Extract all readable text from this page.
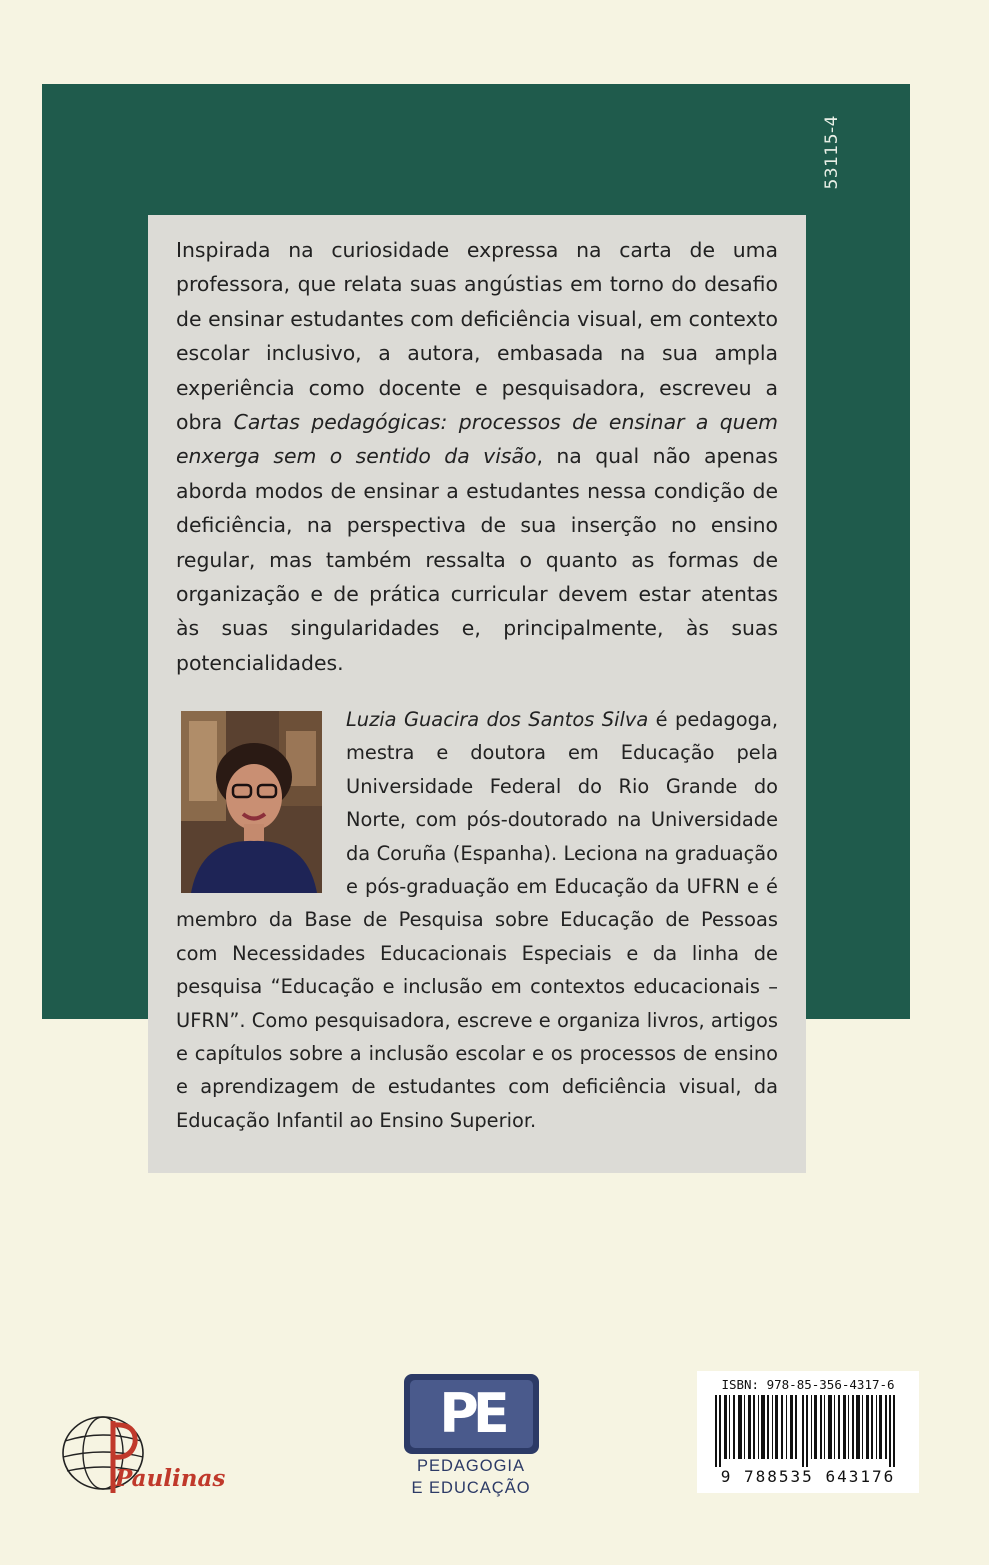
53115-4

Inspirada na curiosidade expressa na carta de uma professora, que relata suas angústias em torno do desafio de ensinar estudantes com deficiência visual, em contexto escolar inclusivo, a autora, embasada na sua ampla experiência como docente e pesquisadora, escreveu a obra Cartas pedagógicas: processos de ensinar a quem enxerga sem o sentido da visão, na qual não apenas aborda modos de ensinar a estudantes nessa condição de deficiência, na perspectiva de sua inserção no ensino regular, mas também ressalta o quanto as formas de organização e de prática curricular devem estar atentas às suas singularidades e, principalmente, às suas potencialidades.

Luzia Guacira dos Santos Silva é pedagoga, mestra e doutora em Educação pela Universidade Federal do Rio Grande do Norte, com pós-doutorado na Universidade da Coruña (Espanha). Leciona na graduação e pós-graduação em Educação da UFRN e é membro da Base de Pesquisa sobre Educação de Pessoas com Necessidades Educacionais Especiais e da linha de pesquisa “Educação e inclusão em contextos educacionais – UFRN”. Como pesquisadora, escreve e organiza livros, artigos e capítulos sobre a inclusão escolar e os processos de ensino e aprendizagem de estudantes com deficiência visual, da Educação Infantil ao Ensino Superior.

Paulinas
PE
PEDAGOGIA
E EDUCAÇÃO
ISBN: 978-85-356-4317-6
9 788535 643176
